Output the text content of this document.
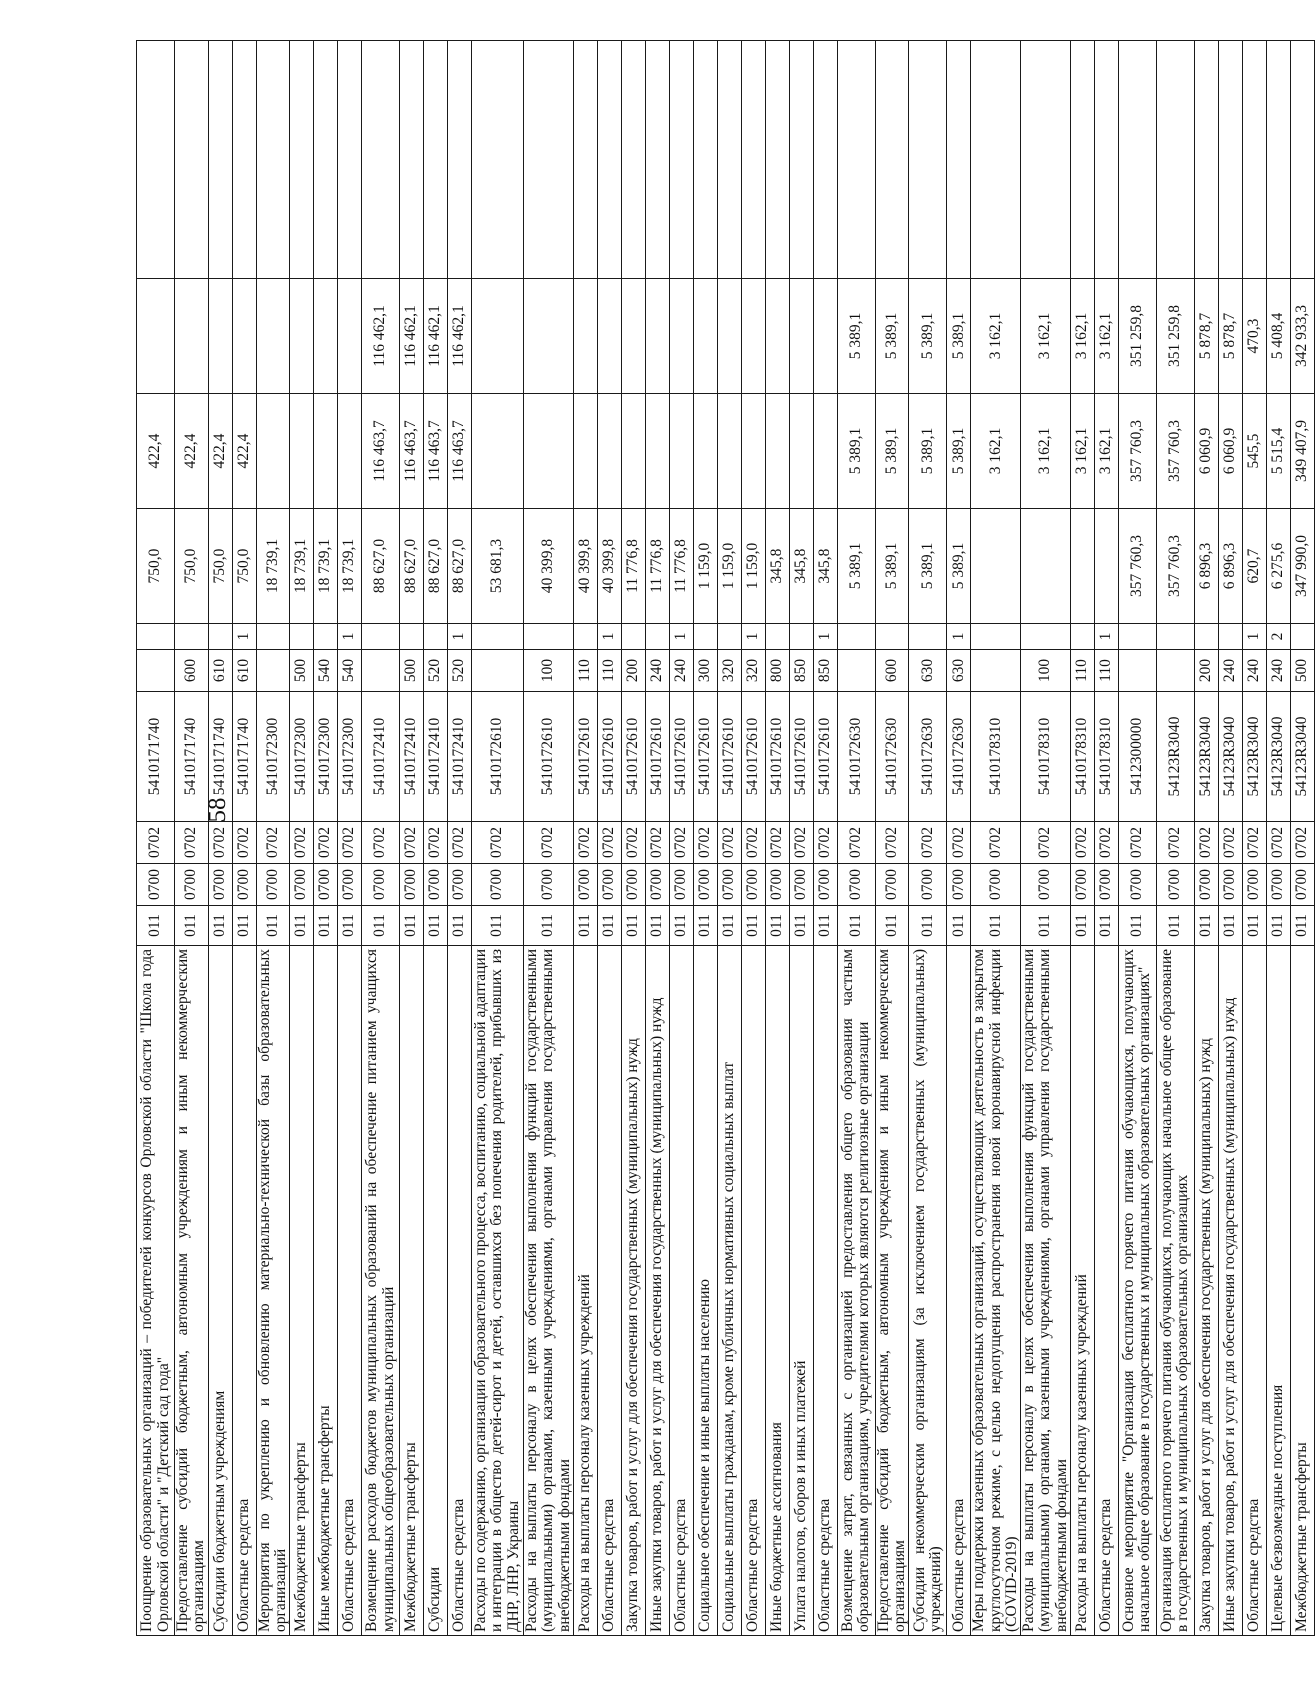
58
Поощрение образовательных организаций – победителей конкурсов Орловской области "Школа года Орловской области" и "Детский сад года"	011	0700	0702	5410171740			750,0	422,4		
Предоставление субсидий бюджетным, автономным учреждениям и иным некоммерческим организациям	011	0700	0702	5410171740	600		750,0	422,4		
Субсидии бюджетным учреждениям	011	0700	0702	5410171740	610		750,0	422,4		
Областные средства	011	0700	0702	5410171740	610	1	750,0	422,4		
Мероприятия по укреплению и обновлению материально-технической базы образовательных организаций	011	0700	0702	5410172300			18 739,1			
Межбюджетные трансферты	011	0700	0702	5410172300	500		18 739,1			
Иные межбюджетные трансферты	011	0700	0702	5410172300	540		18 739,1			
Областные средства	011	0700	0702	5410172300	540	1	18 739,1			
Возмещение расходов бюджетов муниципальных образований на обеспечение питанием учащихся муниципальных общеобразовательных организаций	011	0700	0702	5410172410			88 627,0	116 463,7	116 462,1	
Межбюджетные трансферты	011	0700	0702	5410172410	500		88 627,0	116 463,7	116 462,1	
Субсидии	011	0700	0702	5410172410	520		88 627,0	116 463,7	116 462,1	
Областные средства	011	0700	0702	5410172410	520	1	88 627,0	116 463,7	116 462,1	
Расходы по содержанию, организации образовательного процесса, воспитанию, социальной адаптации и интеграции в общество детей-сирот и детей, оставшихся без попечения родителей, прибывших из ДНР, ЛНР, Украины	011	0700	0702	5410172610			53 681,3			
Расходы на выплаты персоналу в целях обеспечения выполнения функций государственными (муниципальными) органами, казенными учреждениями, органами управления государственными внебюджетными фондами	011	0700	0702	5410172610	100		40 399,8			
Расходы на выплаты персоналу казенных учреждений	011	0700	0702	5410172610	110		40 399,8			
Областные средства	011	0700	0702	5410172610	110	1	40 399,8			
Закупка товаров, работ и услуг для обеспечения государственных (муниципальных) нужд	011	0700	0702	5410172610	200		11 776,8			
Иные закупки товаров, работ и услуг для обеспечения государственных (муниципальных) нужд	011	0700	0702	5410172610	240		11 776,8			
Областные средства	011	0700	0702	5410172610	240	1	11 776,8			
Социальное обеспечение и иные выплаты населению	011	0700	0702	5410172610	300		1 159,0			
Социальные выплаты гражданам, кроме публичных нормативных социальных выплат	011	0700	0702	5410172610	320		1 159,0			
Областные средства	011	0700	0702	5410172610	320	1	1 159,0			
Иные бюджетные ассигнования	011	0700	0702	5410172610	800		345,8			
Уплата налогов, сборов и иных платежей	011	0700	0702	5410172610	850		345,8			
Областные средства	011	0700	0702	5410172610	850	1	345,8			
Возмещение затрат, связанных с организацией предоставления общего образования частным образовательным организациям, учредителями которых являются религиозные организации	011	0700	0702	5410172630			5 389,1	5 389,1	5 389,1	
Предоставление субсидий бюджетным, автономным учреждениям и иным некоммерческим организациям	011	0700	0702	5410172630	600		5 389,1	5 389,1	5 389,1	
Субсидии некоммерческим организациям (за исключением государственных (муниципальных) учреждений)	011	0700	0702	5410172630	630		5 389,1	5 389,1	5 389,1	
Областные средства	011	0700	0702	5410172630	630	1	5 389,1	5 389,1	5 389,1	
Меры поддержки казенных образовательных организаций, осуществляющих деятельность в закрытом круглосуточном режиме, с целью недопущения распространения новой коронавирусной инфекции (COVID-2019)	011	0700	0702	5410178310				3 162,1	3 162,1	
Расходы на выплаты персоналу в целях обеспечения выполнения функций государственными (муниципальными) органами, казенными учреждениями, органами управления государственными внебюджетными фондами	011	0700	0702	5410178310	100			3 162,1	3 162,1	
Расходы на выплаты персоналу казенных учреждений	011	0700	0702	5410178310	110			3 162,1	3 162,1	
Областные средства	011	0700	0702	5410178310	110	1		3 162,1	3 162,1	
Основное мероприятие "Организация бесплатного горячего питания обучающихся, получающих начальное общее образование в государственных и муниципальных образовательных организациях"	011	0700	0702	5412300000			357 760,3	357 760,3	351 259,8	
Организация бесплатного горячего питания обучающихся, получающих начальное общее образование в государственных и муниципальных образовательных организациях	011	0700	0702	54123R3040			357 760,3	357 760,3	351 259,8	
Закупка товаров, работ и услуг для обеспечения государственных (муниципальных) нужд	011	0700	0702	54123R3040	200		6 896,3	6 060,9	5 878,7	
Иные закупки товаров, работ и услуг для обеспечения государственных (муниципальных) нужд	011	0700	0702	54123R3040	240		6 896,3	6 060,9	5 878,7	
Областные средства	011	0700	0702	54123R3040	240	1	620,7	545,5	470,3	
Целевые безвозмездные поступления	011	0700	0702	54123R3040	240	2	6 275,6	5 515,4	5 408,4	
Межбюджетные трансферты	011	0700	0702	54123R3040	500		347 990,0	349 407,9	342 933,3	
